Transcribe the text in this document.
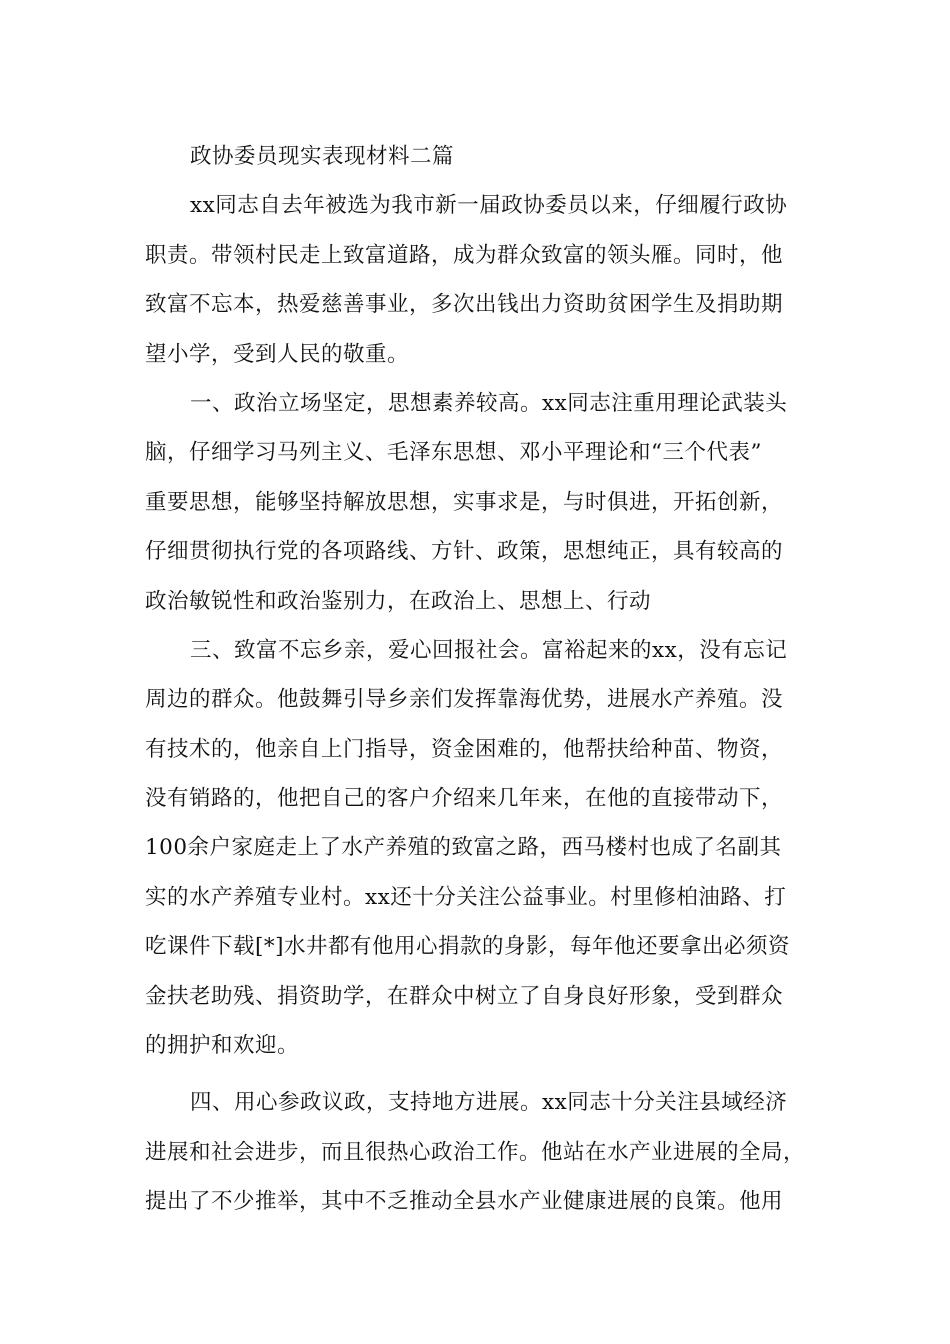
政协委员现实表现材料二篇
xx同志自去年被选为我市新一届政协委员以来，仔细履行政协
职责。带领村民走上致富道路，成为群众致富的领头雁。同时，他
致富不忘本，热爱慈善事业，多次出钱出力资助贫困学生及捐助期
望小学，受到人民的敬重。
一、政治立场坚定，思想素养较高。xx同志注重用理论武装头
脑，仔细学习马列主义、毛泽东思想、邓小平理论和“三个代表”
重要思想，能够坚持解放思想，实事求是，与时俱进，开拓创新，
仔细贯彻执行党的各项路线、方针、政策，思想纯正，具有较高的
政治敏锐性和政治鉴别力，在政治上、思想上、行动
三、致富不忘乡亲，爱心回报社会。富裕起来的xx，没有忘记
周边的群众。他鼓舞引导乡亲们发挥靠海优势，进展水产养殖。没
有技术的，他亲自上门指导，资金困难的，他帮扶给种苗、物资，
没有销路的，他把自己的客户介绍来几年来，在他的直接带动下，
100余户家庭走上了水产养殖的致富之路，西马楼村也成了名副其
实的水产养殖专业村。xx还十分关注公益事业。村里修柏油路、打
吃课件下载[*]水井都有他用心捐款的身影，每年他还要拿出必须资
金扶老助残、捐资助学，在群众中树立了自身良好形象，受到群众
的拥护和欢迎。
四、用心参政议政，支持地方进展。xx同志十分关注县域经济
进展和社会进步，而且很热心政治工作。他站在水产业进展的全局，
提出了不少推举，其中不乏推动全县水产业健康进展的良策。他用
